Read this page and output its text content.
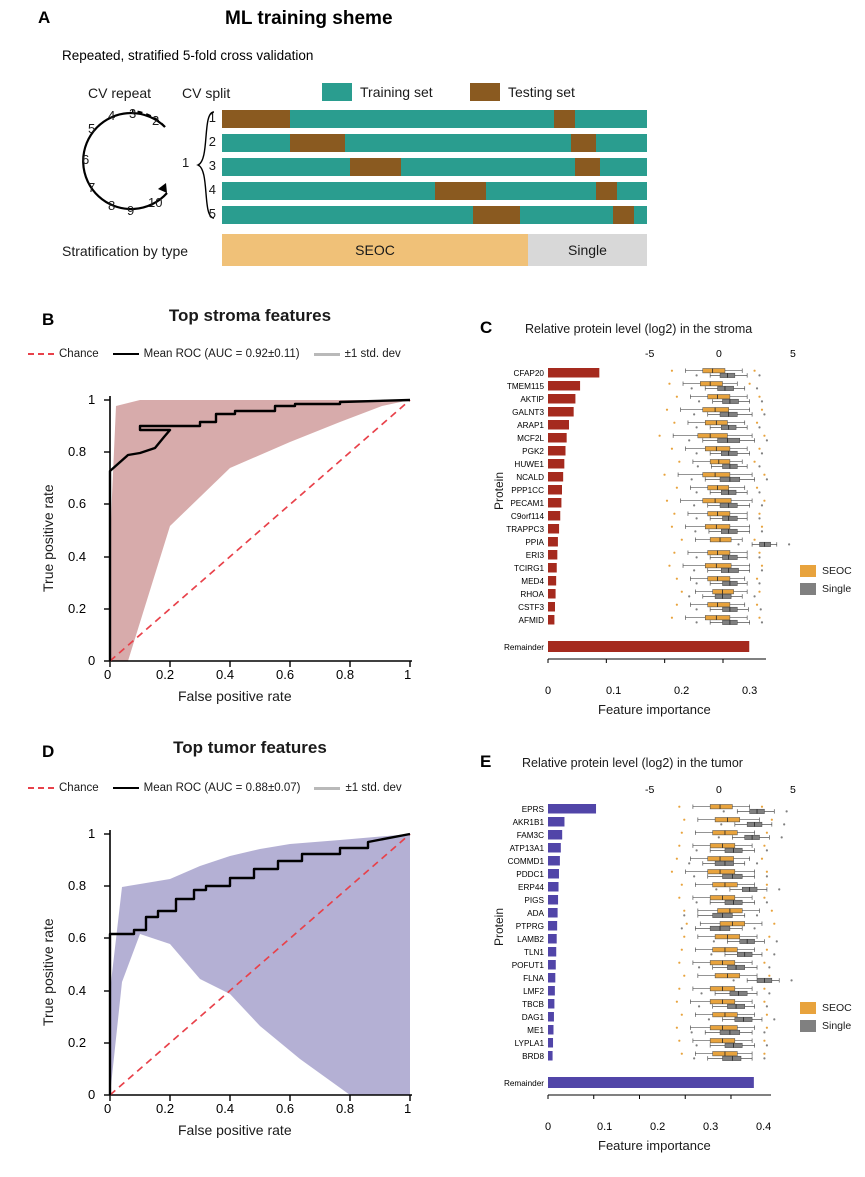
A	ML training sheme
Repeated, stratified 5-fold cross validation
CV repeat CV split	Training set	Testing set
2
3
4
5
6
7
8 9
10
1
1
2
3
4
5
Stratification by type	SEOC	Single
B	Top stroma features
Chance	Mean ROC (AUC = 0.92±0.11)	±1 std. dev
0	0.2	0.4	0.6	0.8	1
0
0.2
0.4
0.6
0.8
1
False positive rate
True positive rate
C	Relative protein level (log2) in the stroma
-5	0	5
CFAP20
TMEM115
AKTIP
GALNT3
ARAP1
MCF2L
PGK2
HUWE1
NCALD
PPP1CC
PECAM1
C9orf114
TRAPPC3
PPIA
ERI3
TCIRG1
MED4
RHOA
CSTF3
AFMID
Remainder
SEOC
Single
0	0.1	0.2	0.3
Feature importance
Protein
D	Top tumor features
Chance	Mean ROC (AUC = 0.88±0.07)	±1 std. dev
0	0.2	0.4	0.6	0.8	1
0
0.2
0.4
0.6
0.8
1
False positive rate
True positive rate
E Relative protein level (log2) in the tumor
-5	0	5
EPRS
AKR1B1
FAM3C
ATP13A1
COMMD1
PDDC1
ERP44
PIGS
ADA
PTPRG
LAMB2
TLN1
POFUT1
FLNA
LMF2
TBCB
DAG1
ME1
LYPLA1
BRD8
Remainder
SEOC
Single
0	0.1	0.2	0.3	0.4
Feature importance
Protein
